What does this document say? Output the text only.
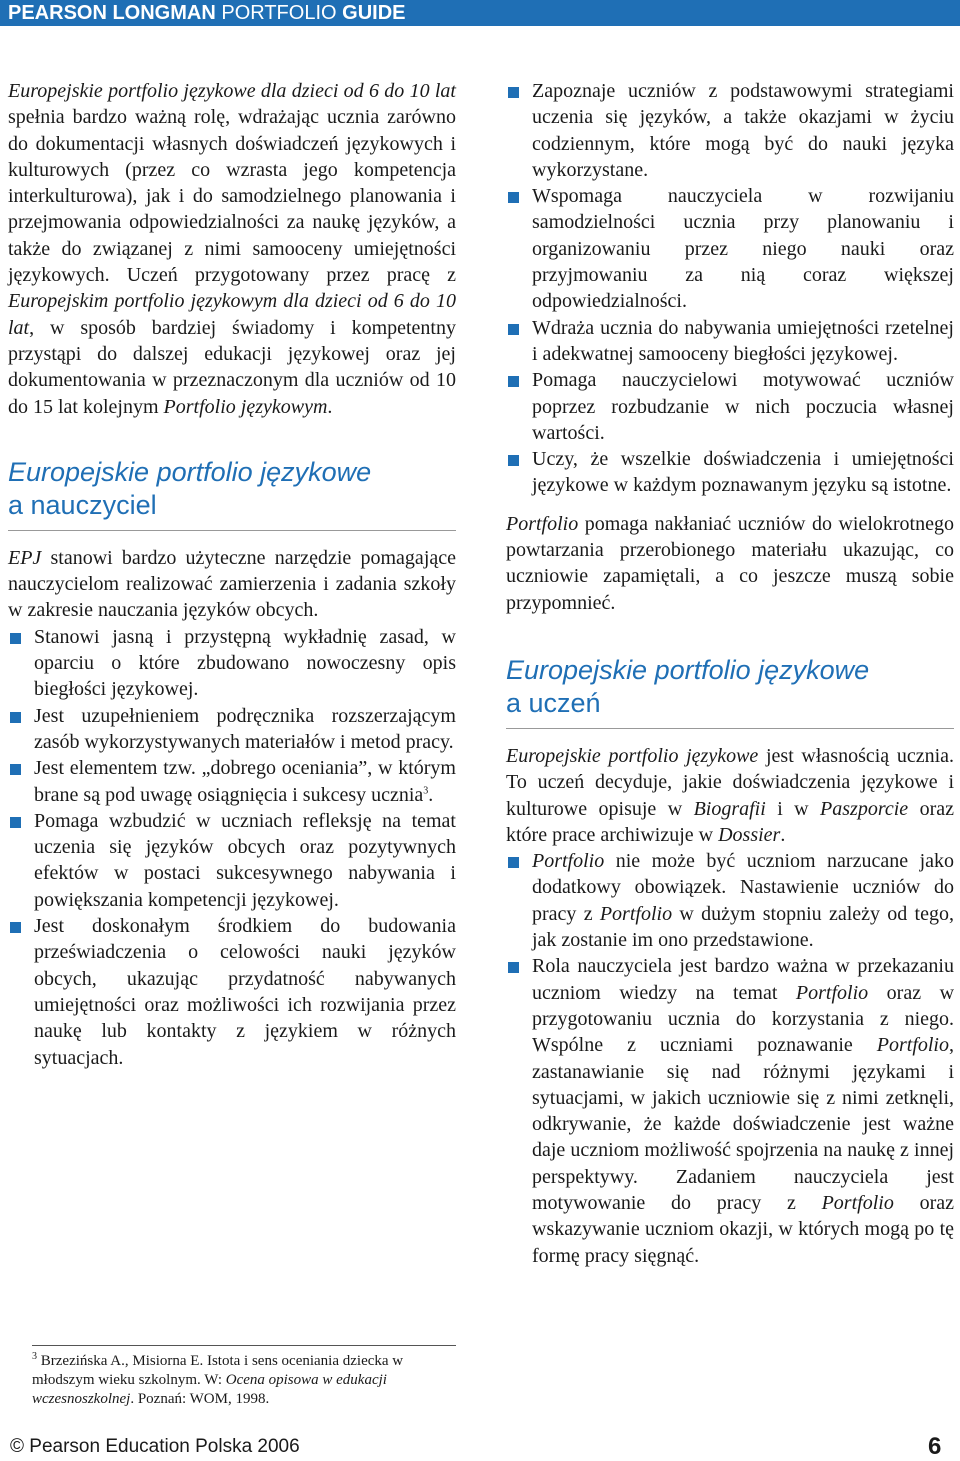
PEARSON LONGMAN PORTFOLIO GUIDE

Europejskie portfolio językowe dla dzieci od 6 do 10 lat spełnia bardzo ważną rolę, wdrażając ucznia zarówno do dokumentacji własnych doświadczeń językowych i kulturowych (przez co wzrasta jego kompetencja interkulturowa), jak i do samodzielnego planowania i przejmowania odpowiedzialności za naukę języków, a także do związanej z nimi samooceny umiejętności językowych. Uczeń przygotowany przez pracę z Europejskim portfolio językowym dla dzieci od 6 do 10 lat, w sposób bardziej świadomy i kompetentny przystąpi do dalszej edukacji językowej oraz jej dokumentowania w przeznaczonym dla uczniów od 10 do 15 lat kolejnym Portfolio językowym.

Europejskie portfolio językowe
a nauczyciel

EPJ stanowi bardzo użyteczne narzędzie pomagające nauczycielom realizować zamierzenia i zadania szkoły w zakresie nauczania języków obcych.

Stanowi jasną i przystępną wykładnię zasad, w oparciu o które zbudowano nowoczesny opis biegłości językowej.
Jest uzupełnieniem podręcznika rozszerzającym zasób wykorzystywanych materiałów i metod pracy.
Jest elementem tzw. „dobrego oceniania”, w którym brane są pod uwagę osiągnięcia i sukcesy ucznia$^3$.
Pomaga wzbudzić w uczniach refleksję na temat uczenia się języków obcych oraz pozytywnych efektów w postaci sukcesywnego nabywania i powiększania kompetencji językowej.
Jest doskonałym środkiem do budowania przeświadczenia o celowości nauki języków obcych, ukazując przydatność nabywanych umiejętności oraz możliwości ich rozwijania przez naukę lub kontakty z językiem w różnych sytuacjach.
$^3$ Brzezińska A., Misiorna E. Istota i sens oceniania dziecka w młodszym wieku szkolnym. W: Ocena opisowa w edukacji wczesnoszkolnej. Poznań: WOM, 1998.
Zapoznaje uczniów z podstawowymi strategiami uczenia się języków, a także okazjami w życiu codziennym, które mogą być do nauki języka wykorzystane.
Wspomaga nauczyciela w rozwijaniu samodzielności ucznia przy planowaniu i organizowaniu przez niego nauki oraz przyjmowaniu za nią coraz większej odpowiedzialności.
Wdraża ucznia do nabywania umiejętności rzetelnej i adekwatnej samooceny biegłości językowej.
Pomaga nauczycielowi motywować uczniów poprzez rozbudzanie w nich poczucia własnej wartości.
Uczy, że wszelkie doświadczenia i umiejętności językowe w każdym poznawanym języku są istotne.

Portfolio pomaga nakłaniać uczniów do wielokrotnego powtarzania przerobionego materiału ukazując, co uczniowie zapamiętali, a co jeszcze muszą sobie przypomnieć.

Europejskie portfolio językowe
a uczeń

Europejskie portfolio językowe jest własnością ucznia. To uczeń decyduje, jakie doświadczenia językowe i kulturowe opisuje w Biografii i w Paszporcie oraz które prace archiwizuje w Dossier.

Portfolio nie może być uczniom narzucane jako dodatkowy obowiązek. Nastawienie uczniów do pracy z Portfolio w dużym stopniu zależy od tego, jak zostanie im ono przedstawione.
Rola nauczyciela jest bardzo ważna w przekazaniu uczniom wiedzy na temat Portfolio oraz w przygotowaniu ucznia do korzystania z niego. Wspólne z uczniami poznawanie Portfolio, zastanawianie się nad różnymi językami i sytuacjami, w jakich uczniowie się z nimi zetknęli, odkrywanie, że każde doświadczenie jest ważne daje uczniom możliwość spojrzenia na naukę z innej perspektywy. Zadaniem nauczyciela jest motywowanie do pracy z Portfolio oraz wskazywanie uczniom okazji, w których mogą po tę formę pracy sięgnąć.
© Pearson Education Polska 2006	6
